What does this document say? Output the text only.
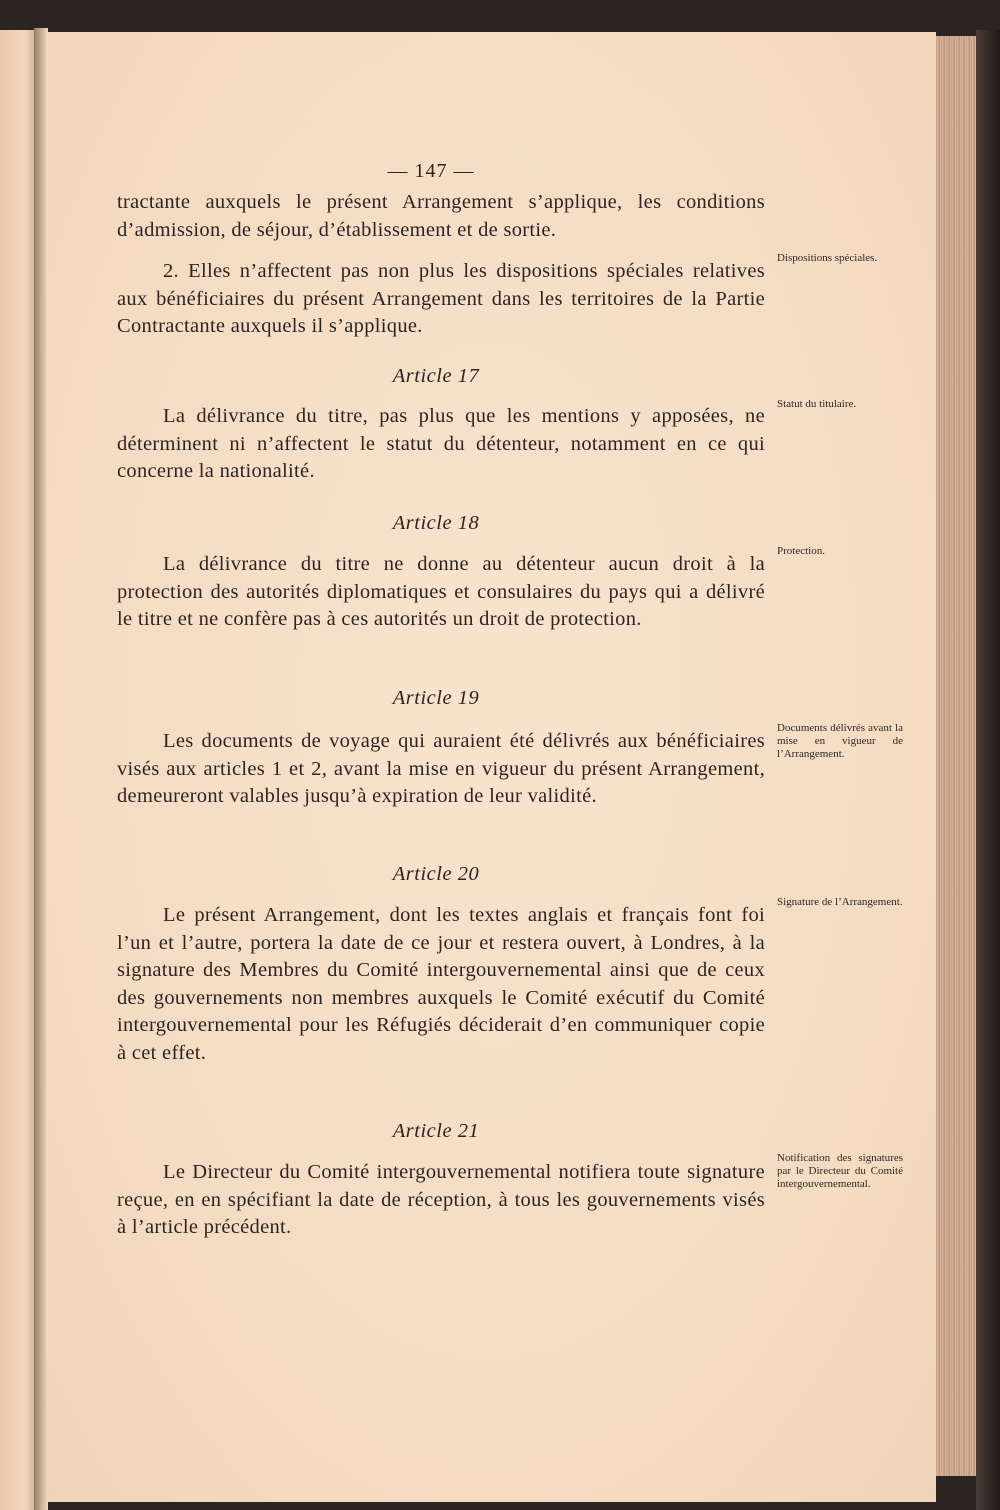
— 147 —
tractante auxquels le présent Arrangement s’applique, les conditions d’admission, de séjour, d’établissement et de sortie.
2. Elles n’affectent pas non plus les dispositions spéciales relatives aux bénéficiaires du présent Arrangement dans les territoires de la Partie Contractante auxquels il s’applique.
Dispositions spéciales.
Article 17
La délivrance du titre, pas plus que les mentions y apposées, ne déterminent ni n’affectent le statut du détenteur, notamment en ce qui concerne la nationalité.
Statut du titulaire.
Article 18
La délivrance du titre ne donne au détenteur aucun droit à la protection des autorités diplomatiques et consulaires du pays qui a délivré le titre et ne confère pas à ces autorités un droit de protection.
Protection.
Article 19
Les documents de voyage qui auraient été délivrés aux bénéficiaires visés aux articles 1 et 2, avant la mise en vigueur du présent Arrangement, demeureront valables jusqu’à expiration de leur validité.
Documents délivrés avant la mise en vigueur de l’Arrangement.
Article 20
Le présent Arrangement, dont les textes anglais et français font foi l’un et l’autre, portera la date de ce jour et restera ouvert, à Londres, à la signature des Membres du Comité intergouvernemental ainsi que de ceux des gouvernements non membres auxquels le Comité exécutif du Comité intergouvernemental pour les Réfugiés déciderait d’en communiquer copie à cet effet.
Signature de l’Arrangement.
Article 21
Le Directeur du Comité intergouvernemental notifiera toute signature reçue, en en spécifiant la date de réception, à tous les gouvernements visés à l’article précédent.
Notification des signatures par le Directeur du Comité intergouvernemental.
